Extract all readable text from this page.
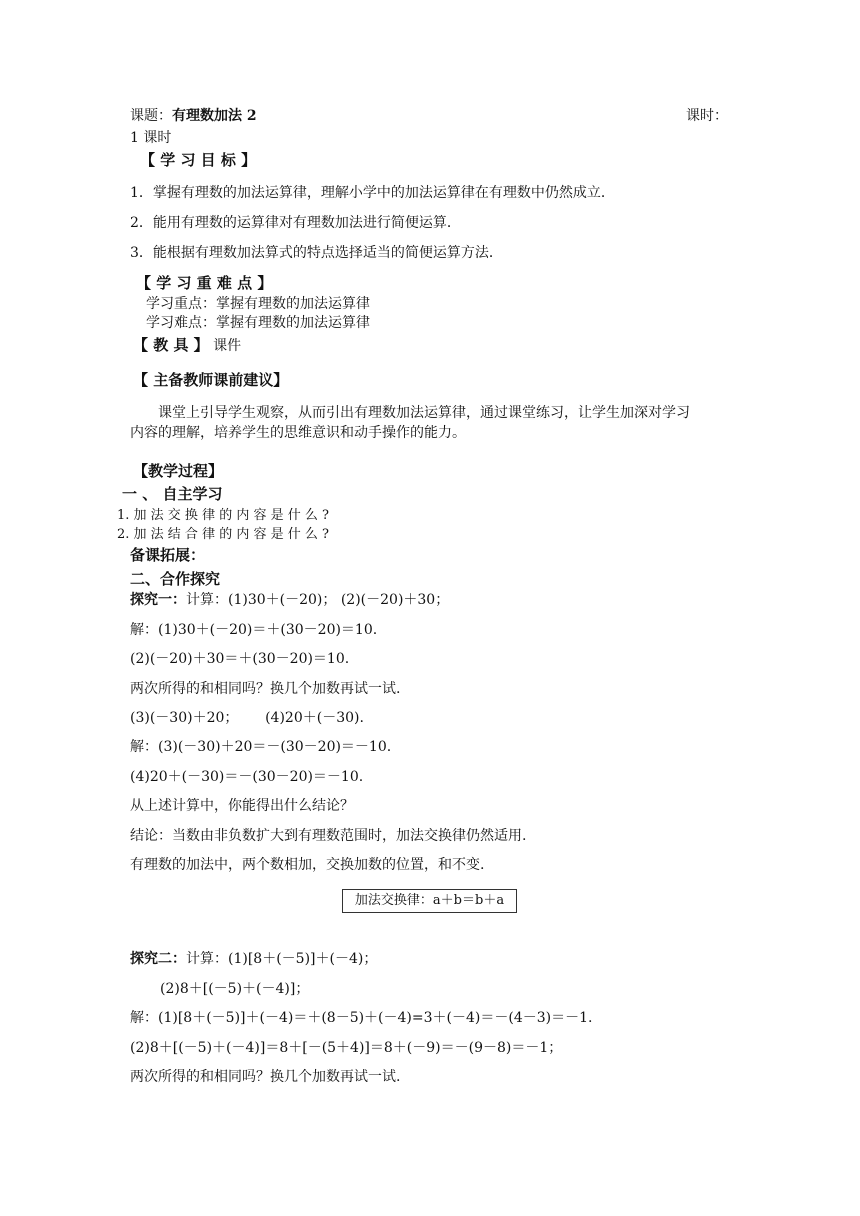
课题：有理数加法 2	课时：
1 课时
【 学 习 目 标 】
1．掌握有理数的加法运算律，理解小学中的加法运算律在有理数中仍然成立．
2．能用有理数的运算律对有理数加法进行简便运算．
3．能根据有理数加法算式的特点选择适当的简便运算方法．
【 学 习 重 难 点 】
学习重点：掌握有理数的加法运算律
学习难点：掌握有理数的加法运算律
【 教 具 】 课件
【 主备教师课前建议】
课堂上引导学生观察，从而引出有理数加法运算律，通过课堂练习，让学生加深对学习
内容的理解，培养学生的思维意识和动手操作的能力。
【教学过程】
一 、 自主学习
1. 加 法 交 换 律 的 内 容 是 什 么 ?
2. 加 法 结 合 律 的 内 容 是 什 么 ?
备课拓展：
二、合作探究
探究一：计算：(1)30＋(－20)； (2)(－20)＋30；
解：(1)30＋(－20)＝＋(30－20)＝10.
(2)(－20)＋30＝＋(30－20)＝10.
两次所得的和相同吗？换几个加数再试一试.
(3)(－30)＋20；      (4)20＋(－30).
解：(3)(－30)＋20＝－(30－20)＝－10.
(4)20＋(－30)＝－(30－20)＝－10.
从上述计算中，你能得出什么结论？
结论：当数由非负数扩大到有理数范围时，加法交换律仍然适用.
有理数的加法中，两个数相加，交换加数的位置，和不变.
加法交换律：a＋b＝b＋a
探究二：计算：(1)[8＋(－5)]＋(－4)；
(2)8＋[(－5)＋(－4)]；
解：(1)[8＋(－5)]＋(－4)＝＋(8－5)＋(－4)=3＋(－4)＝－(4－3)＝－1.
(2)8＋[(－5)＋(－4)]＝8＋[－(5＋4)]＝8＋(－9)＝－(9－8)＝－1；
两次所得的和相同吗？换几个加数再试一试.
